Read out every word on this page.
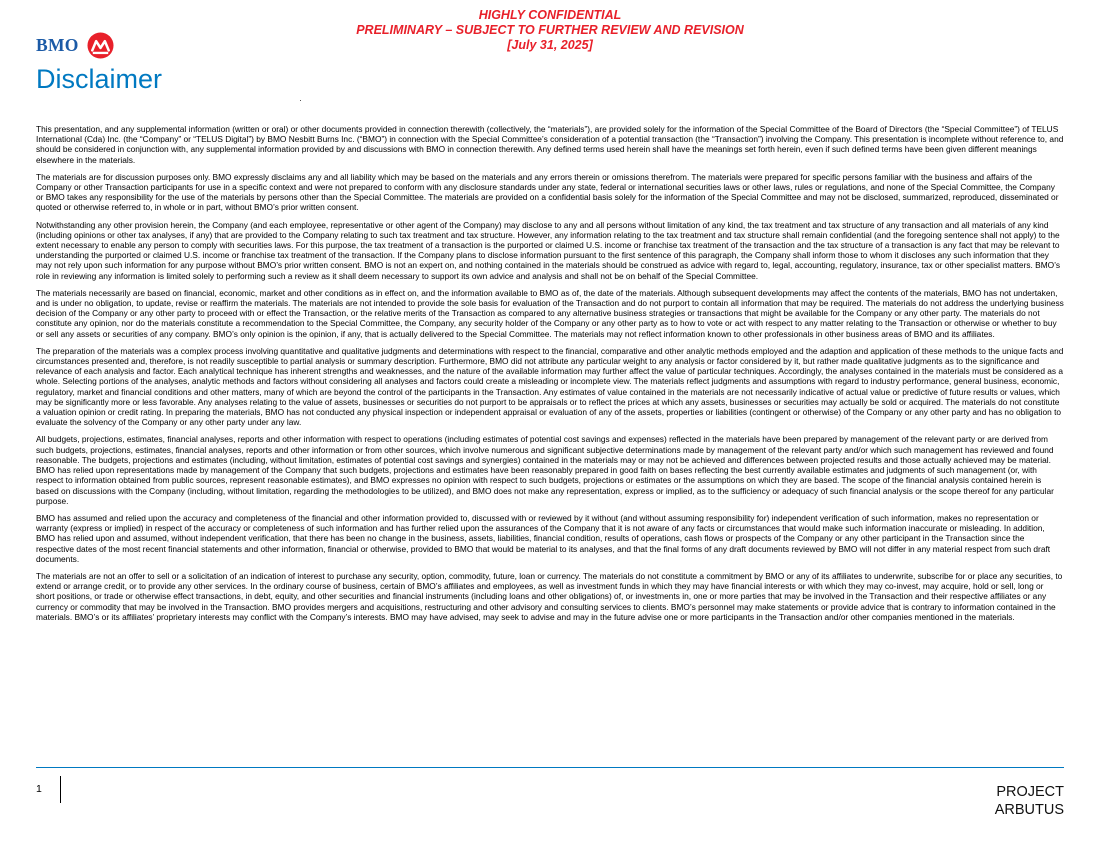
HIGHLY CONFIDENTIAL
PRELIMINARY – SUBJECT TO FURTHER REVIEW AND REVISION
[July 31, 2025]
BMO
Disclaimer

This presentation, and any supplemental information (written or oral) or other documents provided in connection therewith (collectively, the “materials”), are provided solely for the information of the Special Committee of the Board of Directors (the “Special Committee”) of TELUS International (Cda) Inc. (the “Company” or “TELUS Digital”) by BMO Nesbitt Burns Inc. (“BMO”) in connection with the Special Committee’s consideration of a potential transaction (the “Transaction”) involving the Company. This presentation is incomplete without reference to, and should be considered in conjunction with, any supplemental information provided by and discussions with BMO in connection therewith. Any defined terms used herein shall have the meanings set forth herein, even if such defined terms have been given different meanings elsewhere in the materials.

The materials are for discussion purposes only. BMO expressly disclaims any and all liability which may be based on the materials and any errors therein or omissions therefrom. The materials were prepared for specific persons familiar with the business and affairs of the Company or other Transaction participants for use in a specific context and were not prepared to conform with any disclosure standards under any state, federal or international securities laws or other laws, rules or regulations, and none of the Special Committee, the Company or BMO takes any responsibility for the use of the materials by persons other than the Special Committee. The materials are provided on a confidential basis solely for the information of the Special Committee and may not be disclosed, summarized, reproduced, disseminated or quoted or otherwise referred to, in whole or in part, without BMO’s prior written consent.

Notwithstanding any other provision herein, the Company (and each employee, representative or other agent of the Company) may disclose to any and all persons without limitation of any kind, the tax treatment and tax structure of any transaction and all materials of any kind (including opinions or other tax analyses, if any) that are provided to the Company relating to such tax treatment and tax structure. However, any information relating to the tax treatment and tax structure shall remain confidential (and the foregoing sentence shall not apply) to the extent necessary to enable any person to comply with securities laws. For this purpose, the tax treatment of a transaction is the purported or claimed U.S. income or franchise tax treatment of the transaction and the tax structure of a transaction is any fact that may be relevant to understanding the purported or claimed U.S. income or franchise tax treatment of the transaction. If the Company plans to disclose information pursuant to the first sentence of this paragraph, the Company shall inform those to whom it discloses any such information that they may not rely upon such information for any purpose without BMO’s prior written consent. BMO is not an expert on, and nothing contained in the materials should be construed as advice with regard to, legal, accounting, regulatory, insurance, tax or other specialist matters. BMO’s role in reviewing any information is limited solely to performing such a review as it shall deem necessary to support its own advice and analysis and shall not be on behalf of the Special Committee.

The materials necessarily are based on financial, economic, market and other conditions as in effect on, and the information available to BMO as of, the date of the materials. Although subsequent developments may affect the contents of the materials, BMO has not undertaken, and is under no obligation, to update, revise or reaffirm the materials. The materials are not intended to provide the sole basis for evaluation of the Transaction and do not purport to contain all information that may be required. The materials do not address the underlying business decision of the Company or any other party to proceed with or effect the Transaction, or the relative merits of the Transaction as compared to any alternative business strategies or transactions that might be available for the Company or any other party. The materials do not constitute any opinion, nor do the materials constitute a recommendation to the Special Committee, the Company, any security holder of the Company or any other party as to how to vote or act with respect to any matter relating to the Transaction or otherwise or whether to buy or sell any assets or securities of any company. BMO’s only opinion is the opinion, if any, that is actually delivered to the Special Committee. The materials may not reflect information known to other professionals in other business areas of BMO and its affiliates.

The preparation of the materials was a complex process involving quantitative and qualitative judgments and determinations with respect to the financial, comparative and other analytic methods employed and the adaption and application of these methods to the unique facts and circumstances presented and, therefore, is not readily susceptible to partial analysis or summary description. Furthermore, BMO did not attribute any particular weight to any analysis or factor considered by it, but rather made qualitative judgments as to the significance and relevance of each analysis and factor. Each analytical technique has inherent strengths and weaknesses, and the nature of the available information may further affect the value of particular techniques. Accordingly, the analyses contained in the materials must be considered as a whole. Selecting portions of the analyses, analytic methods and factors without considering all analyses and factors could create a misleading or incomplete view. The materials reflect judgments and assumptions with regard to industry performance, general business, economic, regulatory, market and financial conditions and other matters, many of which are beyond the control of the participants in the Transaction. Any estimates of value contained in the materials are not necessarily indicative of actual value or predictive of future results or values, which may be significantly more or less favorable. Any analyses relating to the value of assets, businesses or securities do not purport to be appraisals or to reflect the prices at which any assets, businesses or securities may actually be sold or acquired. The materials do not constitute a valuation opinion or credit rating. In preparing the materials, BMO has not conducted any physical inspection or independent appraisal or evaluation of any of the assets, properties or liabilities (contingent or otherwise) of the Company or any other party and has no obligation to evaluate the solvency of the Company or any other party under any law.

All budgets, projections, estimates, financial analyses, reports and other information with respect to operations (including estimates of potential cost savings and expenses) reflected in the materials have been prepared by management of the relevant party or are derived from such budgets, projections, estimates, financial analyses, reports and other information or from other sources, which involve numerous and significant subjective determinations made by management of the relevant party and/or which such management has reviewed and found reasonable. The budgets, projections and estimates (including, without limitation, estimates of potential cost savings and synergies) contained in the materials may or may not be achieved and differences between projected results and those actually achieved may be material. BMO has relied upon representations made by management of the Company that such budgets, projections and estimates have been reasonably prepared in good faith on bases reflecting the best currently available estimates and judgments of such management (or, with respect to information obtained from public sources, represent reasonable estimates), and BMO expresses no opinion with respect to such budgets, projections or estimates or the assumptions on which they are based. The scope of the financial analysis contained herein is based on discussions with the Company (including, without limitation, regarding the methodologies to be utilized), and BMO does not make any representation, express or implied, as to the sufficiency or adequacy of such financial analysis or the scope thereof for any particular purpose.

BMO has assumed and relied upon the accuracy and completeness of the financial and other information provided to, discussed with or reviewed by it without (and without assuming responsibility for) independent verification of such information, makes no representation or warranty (express or implied) in respect of the accuracy or completeness of such information and has further relied upon the assurances of the Company that it is not aware of any facts or circumstances that would make such information inaccurate or misleading. In addition, BMO has relied upon and assumed, without independent verification, that there has been no change in the business, assets, liabilities, financial condition, results of operations, cash flows or prospects of the Company or any other participant in the Transaction since the respective dates of the most recent financial statements and other information, financial or otherwise, provided to BMO that would be material to its analyses, and that the final forms of any draft documents reviewed by BMO will not differ in any material respect from such draft documents.

The materials are not an offer to sell or a solicitation of an indication of interest to purchase any security, option, commodity, future, loan or currency. The materials do not constitute a commitment by BMO or any of its affiliates to underwrite, subscribe for or place any securities, to extend or arrange credit, or to provide any other services. In the ordinary course of business, certain of BMO’s affiliates and employees, as well as investment funds in which they may have financial interests or with which they may co-invest, may acquire, hold or sell, long or short positions, or trade or otherwise effect transactions, in debt, equity, and other securities and financial instruments (including loans and other obligations) of, or investments in, one or more parties that may be involved in the Transaction and their respective affiliates or any currency or commodity that may be involved in the Transaction. BMO provides mergers and acquisitions, restructuring and other advisory and consulting services to clients. BMO’s personnel may make statements or provide advice that is contrary to information contained in the materials. BMO’s or its affiliates’ proprietary interests may conflict with the Company’s interests. BMO may have advised, may seek to advise and may in the future advise one or more participants in the Transaction and/or other companies mentioned in the materials.

1	PROJECT
ARBUTUS
